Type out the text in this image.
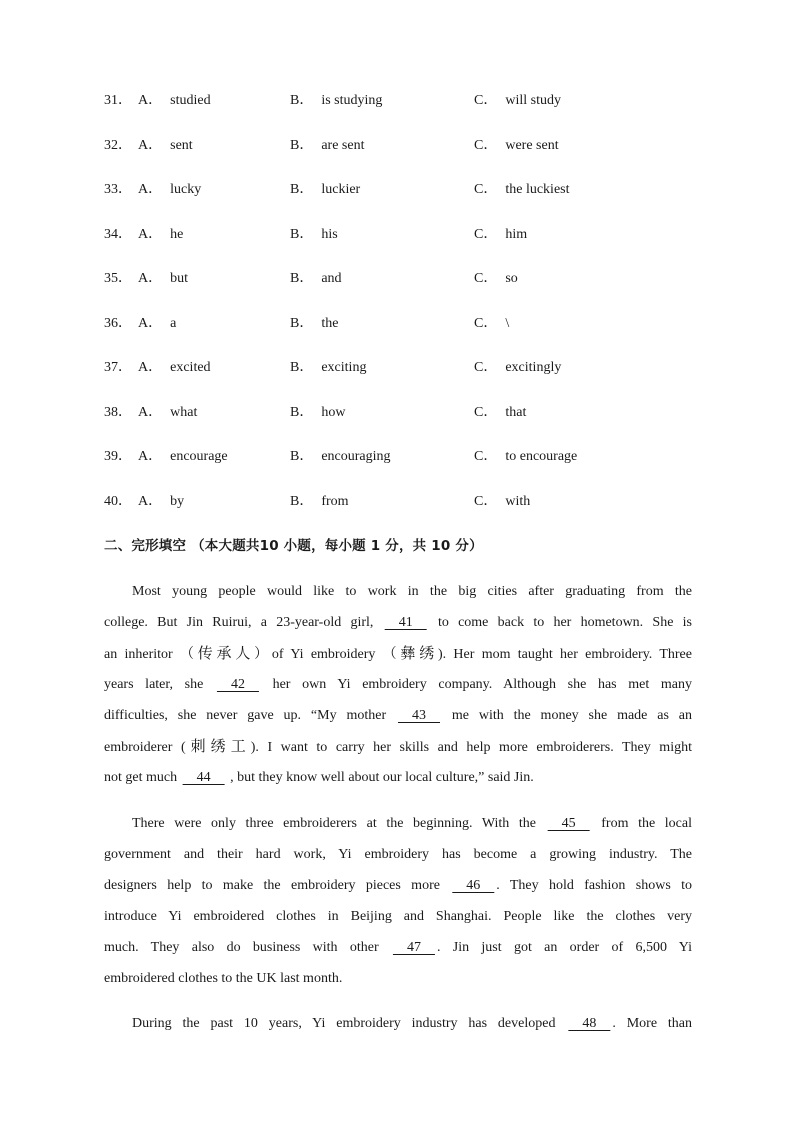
31． A． studied	B． is studying	C． will study
32． A． sent	B． are sent	C． were sent
33． A． lucky	B． luckier	C． the luckiest
34． A． he	B． his	C． him
35． A． but	B． and	C． so
36． A． a	B． the	C． \
37． A． excited	B． exciting	C． excitingly
38． A． what	B． how	C． that
39． A． encourage	B． encouraging	C． to encourage
40． A． by	B． from	C． with
二、完形填空 （本大题共10 小题，每小题 1 分，共 10 分）
Most young people would like to work in the big cities after graduating from the
college. But Jin Ruirui, a 23-year-old girl,     41     to come back to her hometown. She is
an inheritor （传承人）of Yi embroidery （彝绣). Her mom taught her embroidery. Three
years later, she     42     her own Yi embroidery company. Although she has met many
difficulties, she never gave up. “My mother     43     me with the money she made as an
embroiderer (刺绣工). I want to carry her skills and help more embroiderers. They might
not get much     44     , but they know well about our local culture,” said Jin.
There were only three embroiderers at the beginning. With the     45     from the local
government and their hard work, Yi embroidery has become a growing industry. The
designers help to make the embroidery pieces more     46    . They hold fashion shows to
introduce Yi embroidered clothes in Beijing and Shanghai. People like the clothes very
much. They also do business with other     47    . Jin just got an order of 6,500 Yi
embroidered clothes to the UK last month.
During the past 10 years, Yi embroidery industry has developed     48    . More than
